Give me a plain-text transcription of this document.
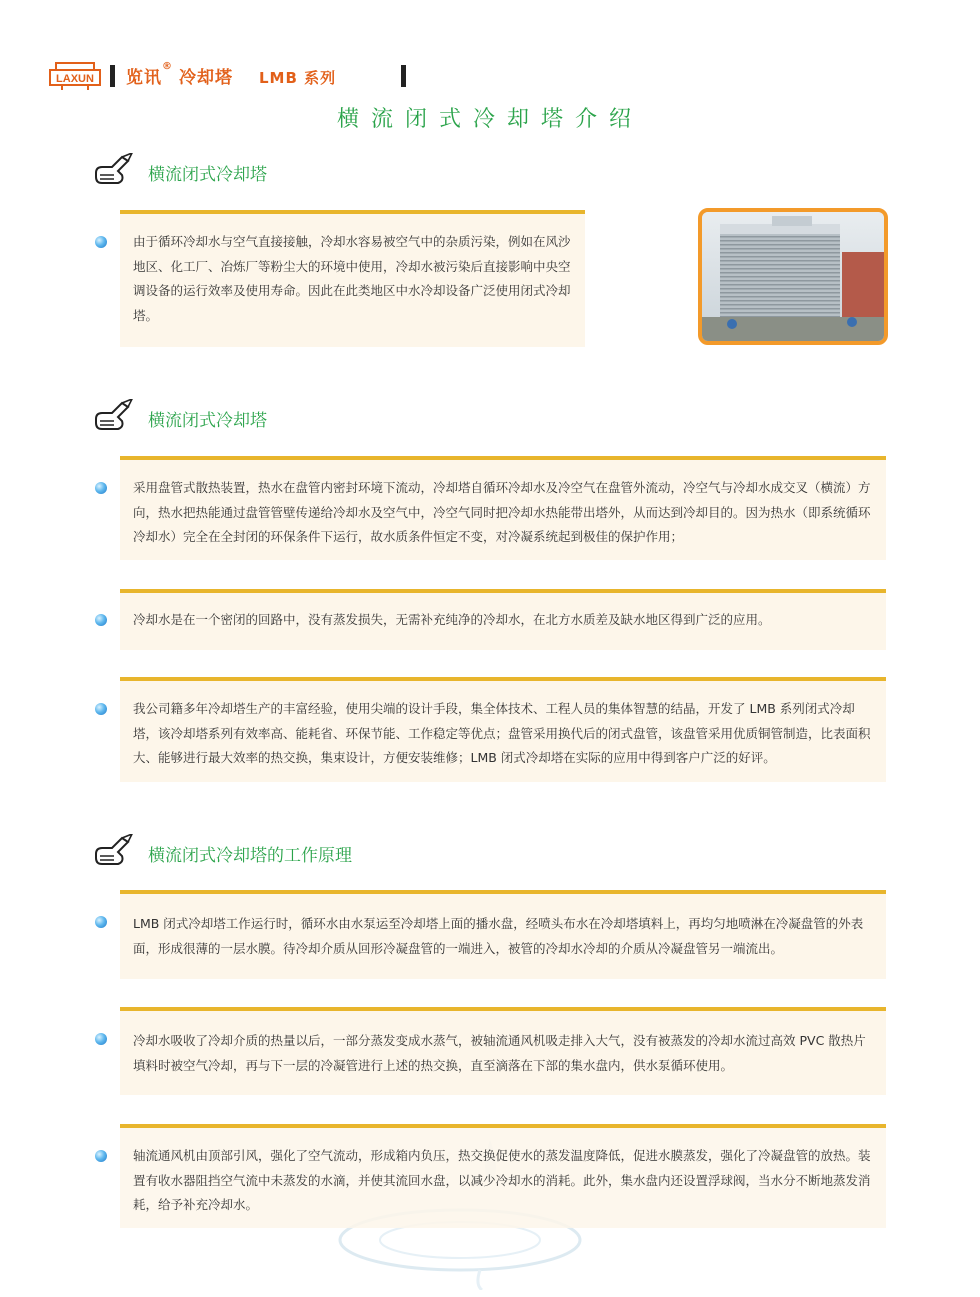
LAXUN 览讯®冷却塔 LMB 系列
横流闭式冷却塔介绍
横流闭式冷却塔

由于循环冷却水与空气直接接触，冷却水容易被空气中的杂质污染，例如在风沙地区、化工厂、冶炼厂等粉尘大的环境中使用，冷却水被污染后直接影响中央空调设备的运行效率及使用寿命。因此在此类地区中水冷却设备广泛使用闭式冷却塔。

横流闭式冷却塔

采用盘管式散热装置，热水在盘管内密封环境下流动，冷却塔自循环冷却水及冷空气在盘管外流动，冷空气与冷却水成交叉（横流）方向，热水把热能通过盘管管壁传递给冷却水及空气中，冷空气同时把冷却水热能带出塔外，从而达到冷却目的。因为热水（即系统循环冷却水）完全在全封闭的环保条件下运行，故水质条件恒定不变，对冷凝系统起到极佳的保护作用；

冷却水是在一个密闭的回路中，没有蒸发损失，无需补充纯净的冷却水，在北方水质差及缺水地区得到广泛的应用。

我公司籍多年冷却塔生产的丰富经验，使用尖端的设计手段，集全体技术、工程人员的集体智慧的结晶，开发了 LMB 系列闭式冷却塔，该冷却塔系列有效率高、能耗省、环保节能、工作稳定等优点；盘管采用换代后的闭式盘管，该盘管采用优质铜管制造，比表面积大、能够进行最大效率的热交换，集束设计，方便安装维修；LMB 闭式冷却塔在实际的应用中得到客户广泛的好评。

横流闭式冷却塔的工作原理

LMB 闭式冷却塔工作运行时，循环水由水泵运至冷却塔上面的播水盘，经喷头布水在冷却塔填料上，再均匀地喷淋在冷凝盘管的外表面，形成很薄的一层水膜。待冷却介质从回形冷凝盘管的一端进入，被管的冷却水冷却的介质从冷凝盘管另一端流出。

冷却水吸收了冷却介质的热量以后，一部分蒸发变成水蒸气，被轴流通风机吸走排入大气，没有被蒸发的冷却水流过高效 PVC 散热片填料时被空气冷却，再与下一层的冷凝管进行上述的热交换，直至滴落在下部的集水盘内，供水泵循环使用。

轴流通风机由顶部引风，强化了空气流动，形成箱内负压，热交换促使水的蒸发温度降低，促进水膜蒸发，强化了冷凝盘管的放热。装置有收水器阻挡空气流中未蒸发的水滴，并使其流回水盘，以减少冷却水的消耗。此外，集水盘内还设置浮球阀，当水分不断地蒸发消耗，给予补充冷却水。
